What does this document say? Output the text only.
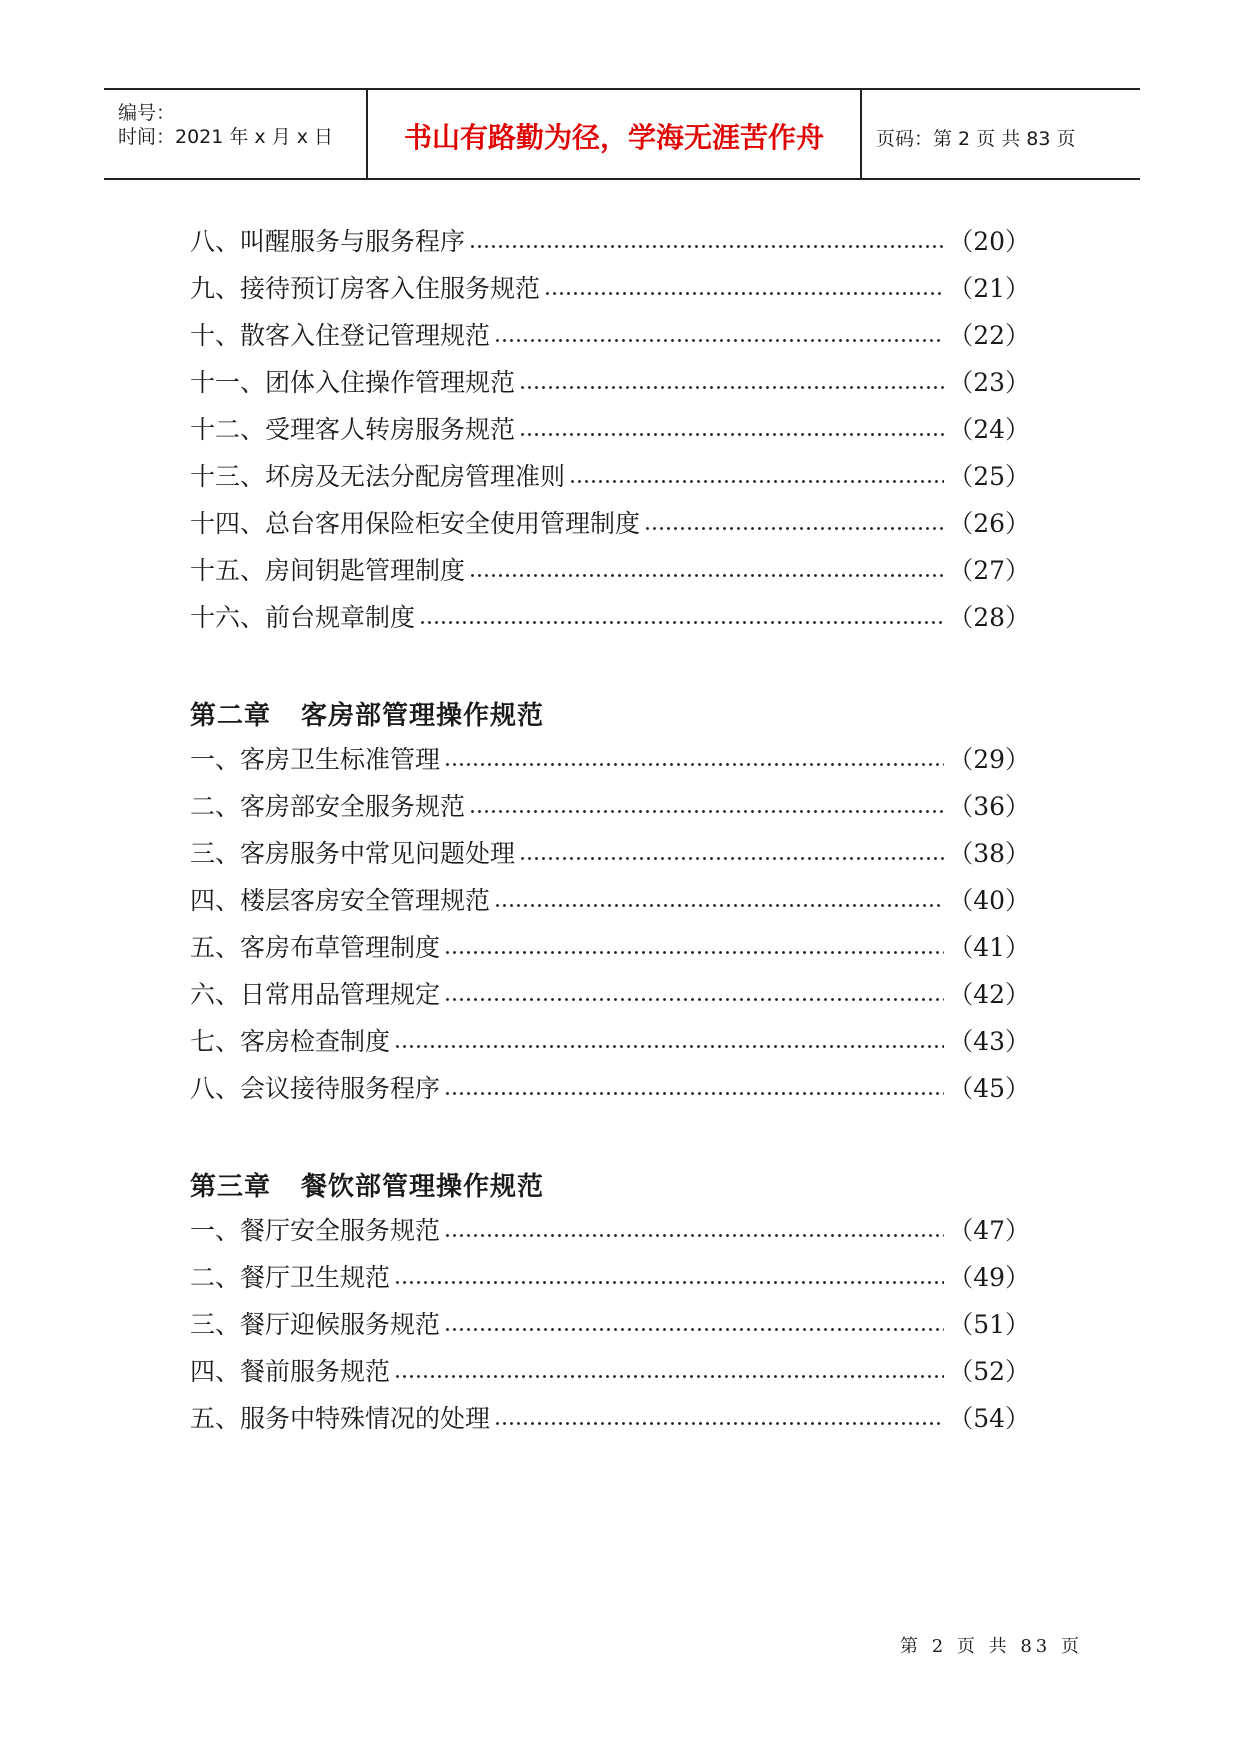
编号：
时间：2021 年 x 月 x 日	书山有路勤为径，学海无涯苦作舟	页码：第 2 页 共 83 页
八、叫醒服务与服务程序	（20）
九、接待预订房客入住服务规范	（21）
十、散客入住登记管理规范	（22）
十一、团体入住操作管理规范	（23）
十二、受理客人转房服务规范	（24）
十三、坏房及无法分配房管理准则	（25）
十四、总台客用保险柜安全使用管理制度	（26）
十五、房间钥匙管理制度	（27）
十六、前台规章制度	（28）
第二章 客房部管理操作规范
一、客房卫生标准管理	（29）
二、客房部安全服务规范	（36）
三、客房服务中常见问题处理	（38）
四、楼层客房安全管理规范	（40）
五、客房布草管理制度	（41）
六、日常用品管理规定	（42）
七、客房检查制度	（43）
八、会议接待服务程序	（45）
第三章 餐饮部管理操作规范
一、餐厅安全服务规范	（47）
二、餐厅卫生规范	（49）
三、餐厅迎候服务规范	（51）
四、餐前服务规范	（52）
五、服务中特殊情况的处理	（54）
第 2 页 共 83 页
